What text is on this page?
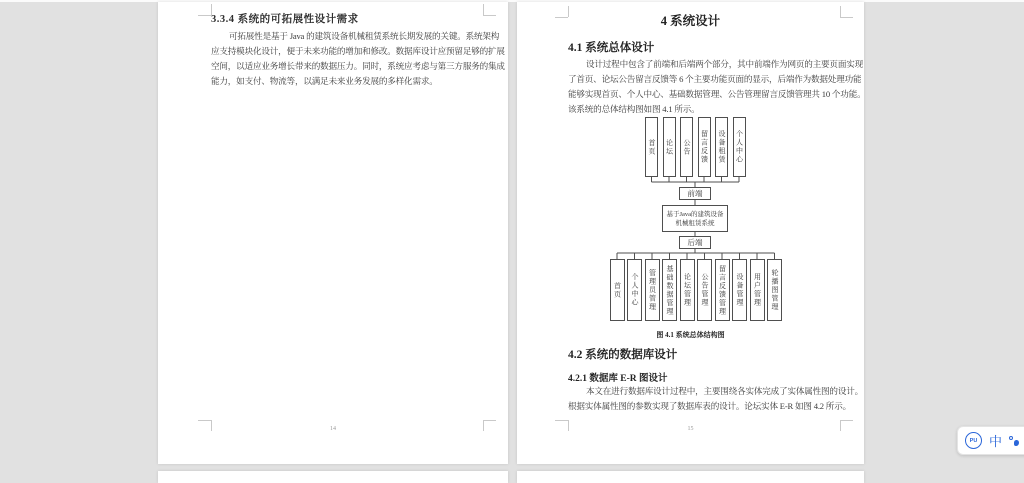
3.3.4 系统的可拓展性设计需求
可拓展性是基于 Java 的建筑设备机械租赁系统长期发展的关键。系统架构
应支持模块化设计，便于未来功能的增加和修改。数据库设计应预留足够的扩展
空间，以适应业务增长带来的数据压力。同时，系统应考虑与第三方服务的集成
能力，如支付、物流等，以满足未来业务发展的多样化需求。
14
4 系统设计
4.1 系统总体设计
设计过程中包含了前端和后端两个部分，其中前端作为网页的主要页面实现
了首页、论坛公告留言反馈等 6 个主要功能页面的显示，后端作为数据处理功能
能够实现首页、个人中心、基础数据管理、公告管理留言反馈管理共 10 个功能。
该系统的总体结构图如图 4.1 所示。
首页 论坛 公告 留言反馈 设备租赁 个人中心
前端
基于Java的建筑设备机械租赁系统
后端
首页 个人中心 管理员管理 基础数据管理 论坛管理 公告管理 留言反馈管理 设备管理 用户管理 轮播图管理
图 4.1 系统总体结构图
4.2 系统的数据库设计
4.2.1 数据库 E-R 图设计
本文在进行数据库设计过程中，主要围绕各实体完成了实体属性图的设计。
根据实体属性图的参数实现了数据库表的设计。论坛实体 E-R 如图 4.2 所示。
15
PU 中
